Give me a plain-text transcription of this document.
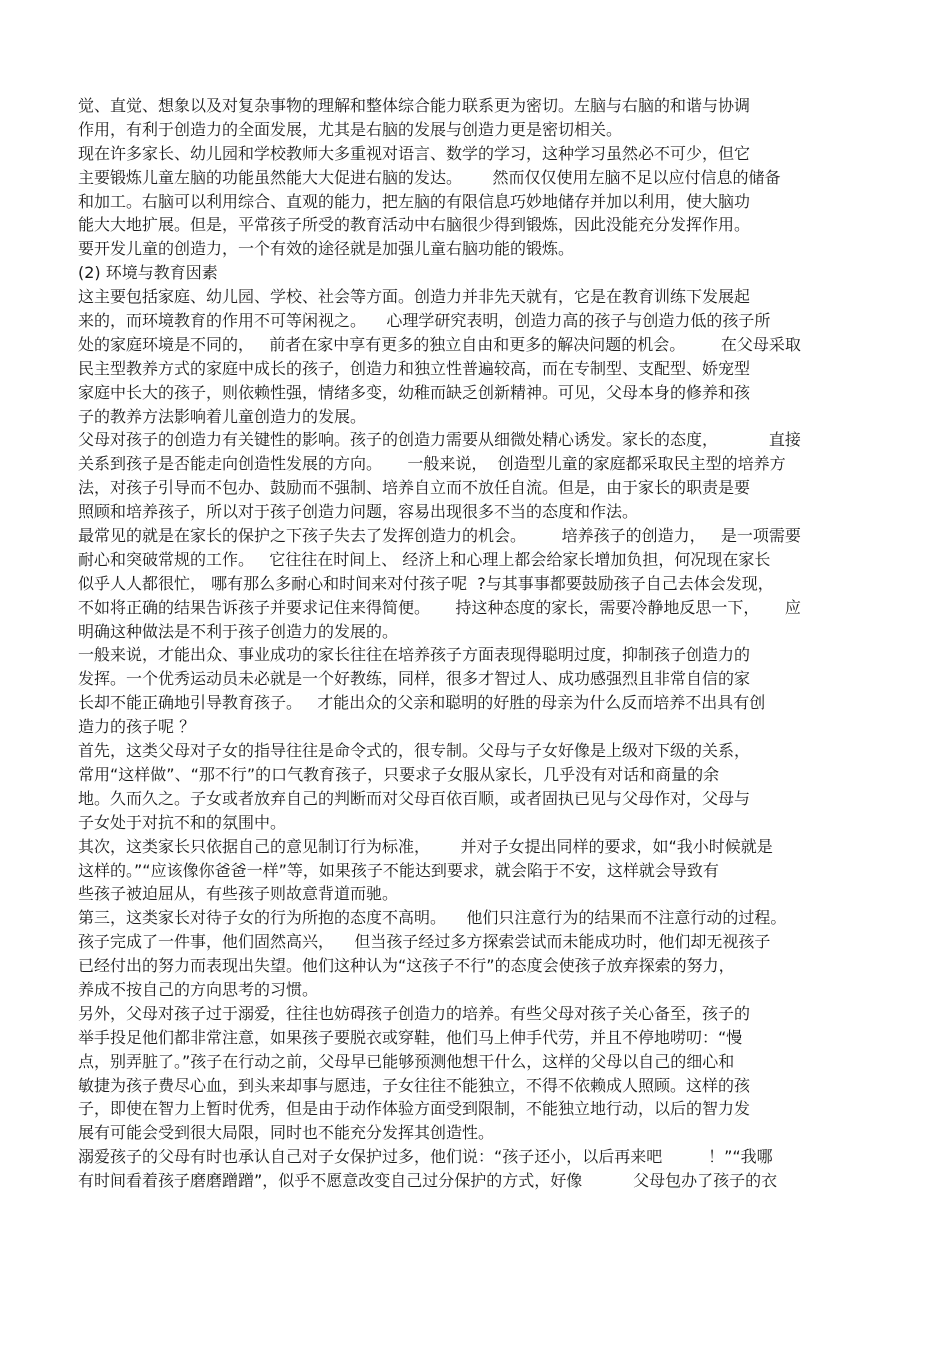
觉、直觉、想象以及对复杂事物的理解和整体综合能力联系更为密切。左脑与右脑的和谐与协调
作用，有利于创造力的全面发展，尤其是右脑的发展与创造力更是密切相关。
现在许多家长、幼儿园和学校教师大多重视对语言、数学的学习，这种学习虽然必不可少，但它
主要锻炼儿童左脑的功能虽然能大大促进右脑的发达。      然而仅仅使用左脑不足以应付信息的储备
和加工。右脑可以利用综合、直观的能力，把左脑的有限信息巧妙地储存并加以利用，使大脑功
能大大地扩展。但是，平常孩子所受的教育活动中右脑很少得到锻炼，因此没能充分发挥作用。
要开发儿童的创造力，一个有效的途径就是加强儿童右脑功能的锻炼。
(2) 环境与教育因素
这主要包括家庭、幼儿园、学校、社会等方面。创造力并非先天就有，它是在教育训练下发展起
来的，而环境教育的作用不可等闲视之。    心理学研究表明，创造力高的孩子与创造力低的孩子所
处的家庭环境是不同的，   前者在家中享有更多的独立自由和更多的解决问题的机会。       在父母采取
民主型教养方式的家庭中成长的孩子，创造力和独立性普遍较高，而在专制型、支配型、娇宠型
家庭中长大的孩子，则依赖性强，情绪多变，幼稚而缺乏创新精神。可见，父母本身的修养和孩
子的教养方法影响着儿童创造力的发展。
父母对孩子的创造力有关键性的影响。孩子的创造力需要从细微处精心诱发。家长的态度，          直接
关系到孩子是否能走向创造性发展的方向。     一般来说，  创造型儿童的家庭都采取民主型的培养方
法，对孩子引导而不包办、鼓励而不强制、培养自立而不放任自流。但是，由于家长的职责是要
照顾和培养孩子，所以对于孩子创造力问题，容易出现很多不当的态度和作法。
最常见的就是在家长的保护之下孩子失去了发挥创造力的机会。       培养孩子的创造力，   是一项需要
耐心和突破常规的工作。   它往往在时间上、 经济上和心理上都会给家长增加负担，何况现在家长
似乎人人都很忙， 哪有那么多耐心和时间来对付孩子呢  ?与其事事都要鼓励孩子自己去体会发现，
不如将正确的结果告诉孩子并要求记住来得简便。     持这种态度的家长，需要冷静地反思一下，     应
明确这种做法是不利于孩子创造力的发展的。
一般来说，才能出众、事业成功的家长往往在培养孩子方面表现得聪明过度，抑制孩子创造力的
发挥。一个优秀运动员未必就是一个好教练，同样，很多才智过人、成功感强烈且非常自信的家
长却不能正确地引导教育孩子。   才能出众的父亲和聪明的好胜的母亲为什么反而培养不出具有创
造力的孩子呢 ？
首先，这类父母对子女的指导往往是命令式的，很专制。父母与子女好像是上级对下级的关系，
常用“这样做”、“那不行”的口气教育孩子，只要求子女服从家长，几乎没有对话和商量的余
地。久而久之。子女或者放弃自己的判断而对父母百依百顺，或者固执已见与父母作对，父母与
子女处于对抗不和的氛围中。
其次，这类家长只依据自己的意见制订行为标准，      并对子女提出同样的要求，如“我小时候就是
这样的。”“应该像你爸爸一样”等，如果孩子不能达到要求，就会陷于不安，这样就会导致有
些孩子被迫屈从，有些孩子则故意背道而驰。
第三，这类家长对待子女的行为所抱的态度不高明。    他们只注意行为的结果而不注意行动的过程。
孩子完成了一件事，他们固然高兴，    但当孩子经过多方探索尝试而未能成功时，他们却无视孩子
已经付出的努力而表现出失望。他们这种认为“这孩子不行”的态度会使孩子放弃探索的努力，
养成不按自己的方向思考的习惯。
另外，父母对孩子过于溺爱，往往也妨碍孩子创造力的培养。有些父母对孩子关心备至，孩子的
举手投足他们都非常注意，如果孩子要脱衣或穿鞋，他们马上伸手代劳，并且不停地唠叨：“慢
点，别弄脏了。”孩子在行动之前，父母早已能够预测他想干什么，这样的父母以自己的细心和
敏捷为孩子费尽心血，到头来却事与愿违，子女往往不能独立，不得不依赖成人照顾。这样的孩
子，即使在智力上暂时优秀，但是由于动作体验方面受到限制，不能独立地行动，以后的智力发
展有可能会受到很大局限，同时也不能充分发挥其创造性。
溺爱孩子的父母有时也承认自己对子女保护过多，他们说：“孩子还小，以后再来吧         ！”“我哪
有时间看着孩子磨磨蹭蹭”，似乎不愿意改变自己过分保护的方式，好像          父母包办了孩子的衣
